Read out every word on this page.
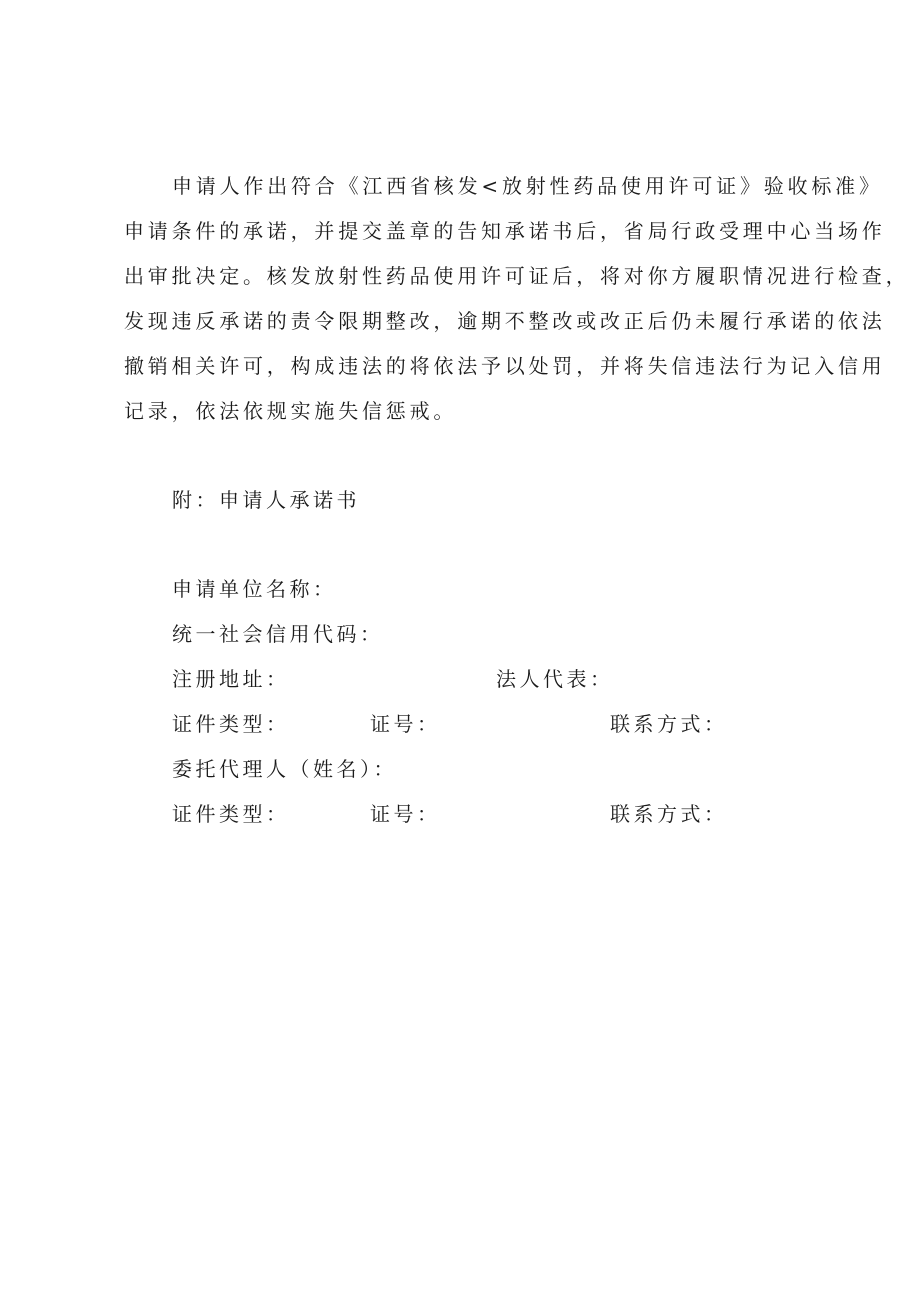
申请人作出符合《江西省核发<放射性药品使用许可证》验收标准》
申请条件的承诺，并提交盖章的告知承诺书后，省局行政受理中心当场作
出审批决定。核发放射性药品使用许可证后，将对你方履职情况进行检查，
发现违反承诺的责令限期整改，逾期不整改或改正后仍未履行承诺的依法
撤销相关许可，构成违法的将依法予以处罚，并将失信违法行为记入信用
记录，依法依规实施失信惩戒。
附：申请人承诺书
申请单位名称：
统一社会信用代码：
注册地址：	法人代表：
证件类型：	证号：	联系方式：
委托代理人（姓名）：
证件类型：	证号：	联系方式：
